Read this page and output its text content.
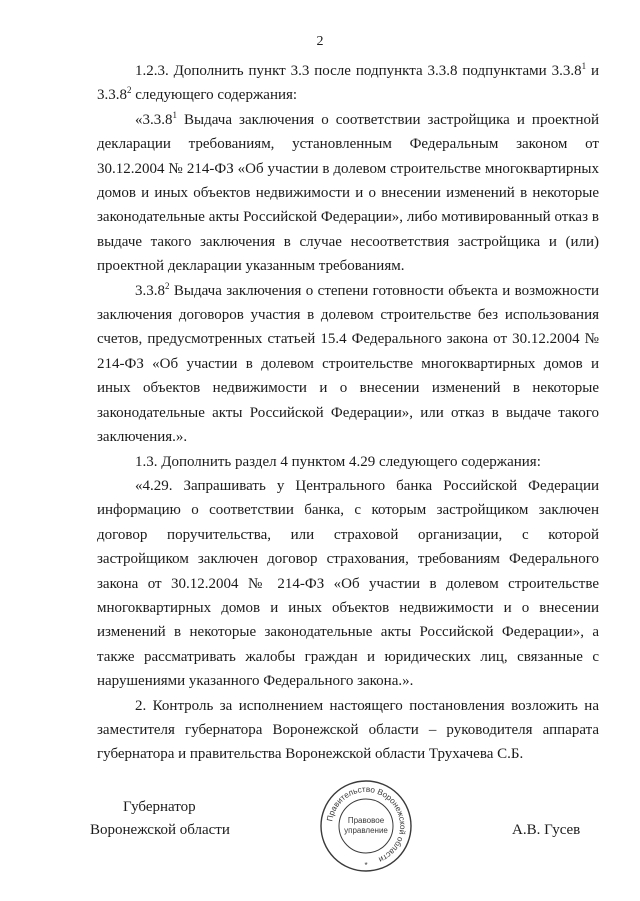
2

1.2.3. Дополнить пункт 3.3 после подпункта 3.3.8 подпунктами 3.3.8$^1$ и 3.3.8$^2$ следующего содержания:

«3.3.8$^1$ Выдача заключения о соответствии застройщика и проектной декларации требованиям, установленным Федеральным законом от 30.12.2004 № 214-ФЗ «Об участии в долевом строительстве многоквартирных домов и иных объектов недвижимости и о внесении изменений в некоторые законодательные акты Российской Федерации», либо мотивированный отказ в выдаче такого заключения в случае несоответствия застройщика и (или) проектной декларации указанным требованиям.

3.3.8$^2$ Выдача заключения о степени готовности объекта и возможности заключения договоров участия в долевом строительстве без использования счетов, предусмотренных статьей 15.4 Федерального закона от 30.12.2004 № 214-ФЗ «Об участии в долевом строительстве многоквартирных домов и иных объектов недвижимости и о внесении изменений в некоторые законодательные акты Российской Федерации», или отказ в выдаче такого заключения.».

1.3. Дополнить раздел 4 пунктом 4.29 следующего содержания:

«4.29. Запрашивать у Центрального банка Российской Федерации информацию о соответствии банка, с которым застройщиком заключен договор поручительства, или страховой организации, с которой застройщиком заключен договор страхования, требованиям Федерального закона от 30.12.2004 № 214-ФЗ «Об участии в долевом строительстве многоквартирных домов и иных объектов недвижимости и о внесении изменений в некоторые законодательные акты Российской Федерации», а также рассматривать жалобы граждан и юридических лиц, связанные с нарушениями указанного Федерального закона.».

2. Контроль за исполнением настоящего постановления возложить на заместителя губернатора Воронежской области – руководителя аппарата губернатора и правительства Воронежской области Трухачева С.Б.

Губернатор
Воронежской области	А.В. Гусев
Правительство Воронежской области
Правовое
управление
*
